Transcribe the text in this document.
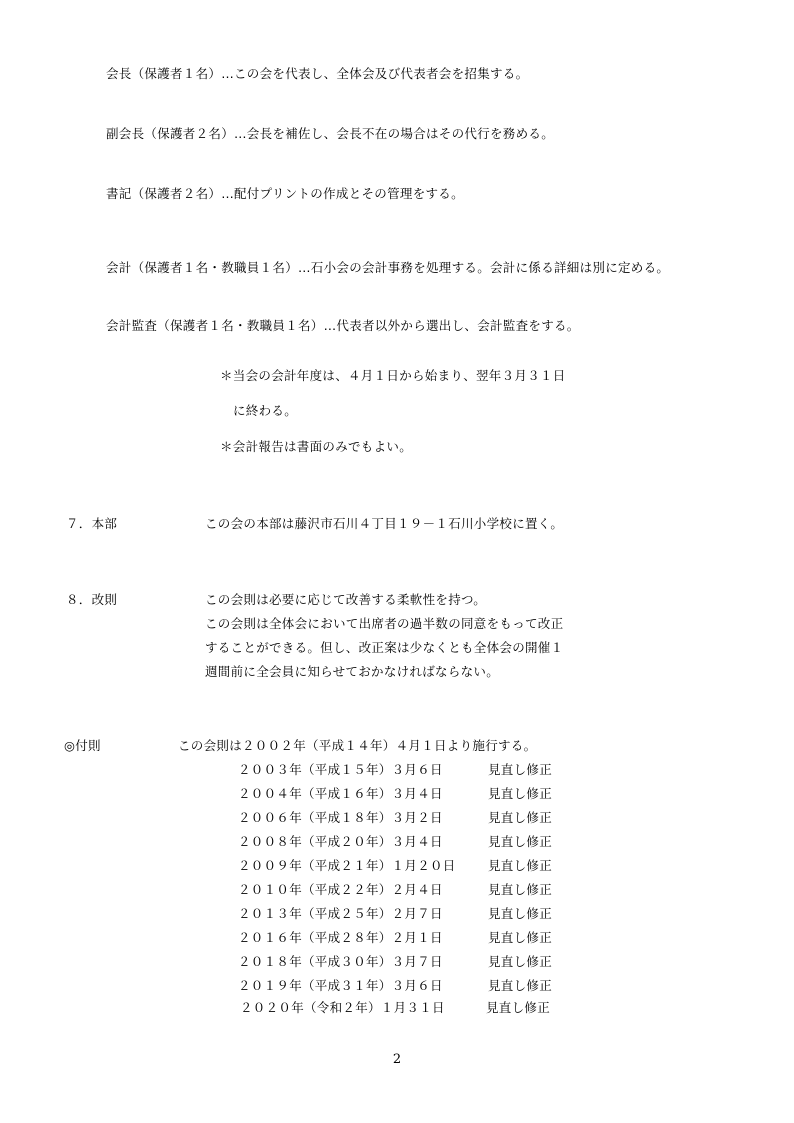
会長（保護者１名）…この会を代表し、全体会及び代表者会を招集する。
副会長（保護者２名）…会長を補佐し、会長不在の場合はその代行を務める。
書記（保護者２名）…配付プリントの作成とその管理をする。
会計（保護者１名・教職員１名）…石小会の会計事務を処理する。会計に係る詳細は別に定める。
会計監査（保護者１名・教職員１名）…代表者以外から選出し、会計監査をする。
＊当会の会計年度は、４月１日から始まり、翌年３月３１日
に終わる。
＊会計報告は書面のみでもよい。
７．本部	この会の本部は藤沢市石川４丁目１９－１石川小学校に置く。
８．改則	この会則は必要に応じて改善する柔軟性を持つ。
この会則は全体会において出席者の過半数の同意をもって改正
することができる。但し、改正案は少なくとも全体会の開催１
週間前に全会員に知らせておかなければならない。
◎付則	この会則は２００２年（平成１４年）４月１日より施行する。
２００３年（平成１５年）３月６日	見直し修正
２００４年（平成１６年）３月４日	見直し修正
２００６年（平成１８年）３月２日	見直し修正
２００８年（平成２０年）３月４日	見直し修正
２００９年（平成２１年）１月２０日	見直し修正
２０１０年（平成２２年）２月４日	見直し修正
２０１３年（平成２５年）２月７日	見直し修正
２０１６年（平成２８年）２月１日	見直し修正
２０１８年（平成３０年）３月７日	見直し修正
２０１９年（平成３１年）３月６日	見直し修正
２０２０年（令和２年）１月３１日	見直し修正
2
